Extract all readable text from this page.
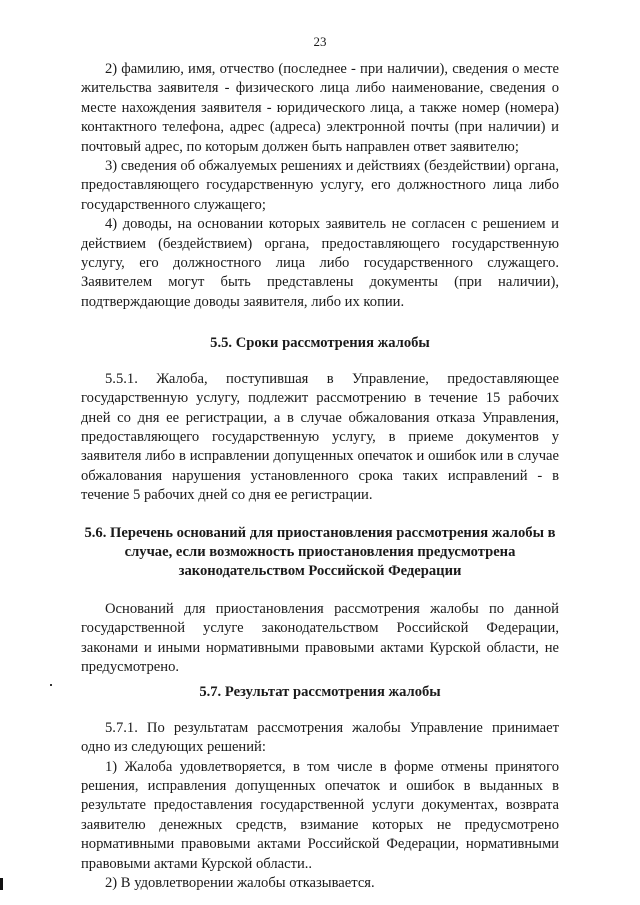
23

2) фамилию, имя, отчество (последнее - при наличии), сведения о месте жительства заявителя - физического лица либо наименование, сведения о месте нахождения заявителя - юридического лица, а также номер (номера) контактного телефона, адрес (адреса) электронной почты (при наличии) и почтовый адрес, по которым должен быть направлен ответ заявителю;

3) сведения об обжалуемых решениях и действиях (бездействии) органа, предоставляющего государственную услугу, его должностного лица либо государственного служащего;

4) доводы, на основании которых заявитель не согласен с решением и действием (бездействием) органа, предоставляющего государственную услугу, его должностного лица либо государственного служащего. Заявителем могут быть представлены документы (при наличии), подтверждающие доводы заявителя, либо их копии.

5.5. Сроки рассмотрения жалобы

5.5.1. Жалоба, поступившая в Управление, предоставляющее государственную услугу, подлежит рассмотрению в течение 15 рабочих дней со дня ее регистрации, а в случае обжалования отказа Управления, предоставляющего государственную услугу, в приеме документов у заявителя либо в исправлении допущенных опечаток и ошибок или в случае обжалования нарушения установленного срока таких исправлений - в течение 5 рабочих дней со дня ее регистрации.

5.6. Перечень оснований для приостановления рассмотрения жалобы в случае, если возможность приостановления предусмотрена законодательством Российской Федерации

Оснований для приостановления рассмотрения жалобы по данной государственной услуге законодательством Российской Федерации, законами и иными нормативными правовыми актами Курской области, не предусмотрено.

5.7. Результат рассмотрения жалобы

5.7.1. По результатам рассмотрения жалобы Управление принимает одно из следующих решений:

1) Жалоба удовлетворяется, в том числе в форме отмены принятого решения, исправления допущенных опечаток и ошибок в выданных в результате предоставления государственной услуги документах, возврата заявителю денежных средств, взимание которых не предусмотрено нормативными правовыми актами Российской Федерации, нормативными правовыми актами Курской области..

2) В удовлетворении жалобы отказывается.
